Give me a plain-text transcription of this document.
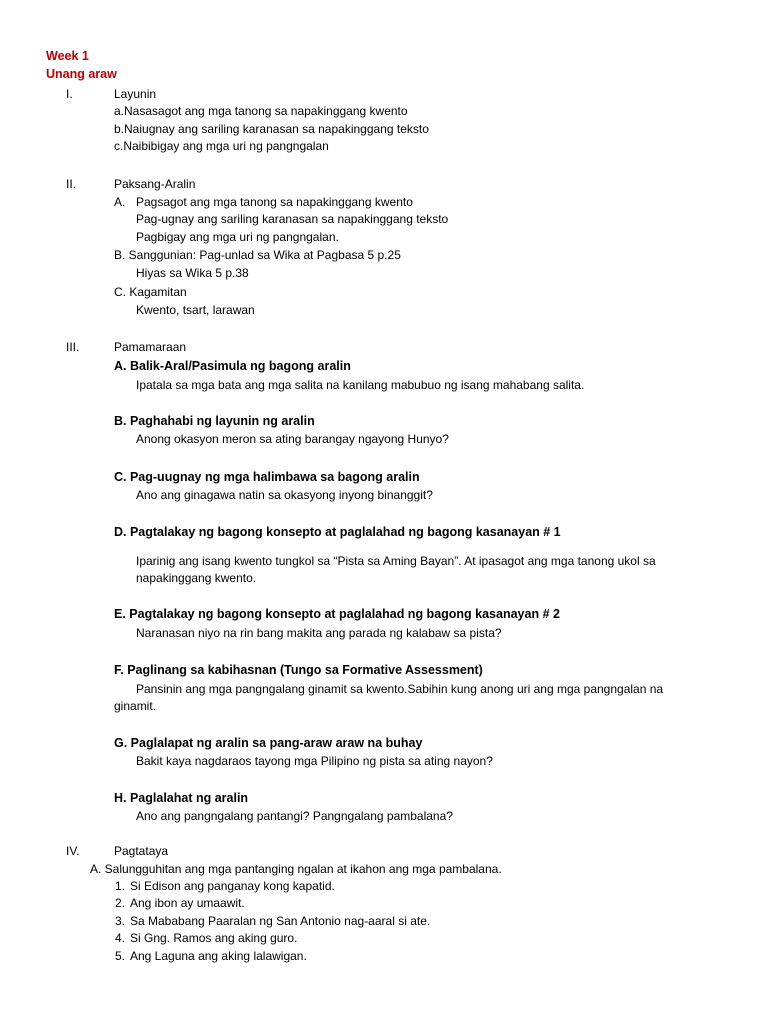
Week 1
Unang araw
I.	Layunin
a.Nasasagot ang mga tanong sa napakinggang kwento
b.Naiugnay ang sariling karanasan sa napakinggang teksto
c.Naibibigay ang mga uri ng pangngalan
II.	Paksang-Aralin
A. Pagsagot ang mga tanong sa napakinggang kwento
Pag-ugnay ang sariling karanasan sa napakinggang teksto
Pagbigay ang mga uri ng pangngalan.
B. Sanggunian: Pag-unlad sa Wika at Pagbasa 5 p.25
Hiyas sa Wika 5 p.38
C. Kagamitan
Kwento, tsart, larawan
III.	Pamamaraan
A. Balik-Aral/Pasimula ng bagong aralin
Ipatala sa mga bata ang mga salita na kanilang mabubuo ng isang mahabang salita.
B. Paghahabi ng layunin ng aralin
Anong okasyon meron sa ating barangay ngayong Hunyo?
C. Pag-uugnay ng mga halimbawa sa bagong aralin
Ano ang ginagawa natin sa okasyong inyong binanggit?
D. Pagtalakay ng bagong konsepto at paglalahad ng bagong kasanayan # 1
Iparinig ang isang kwento tungkol sa “Pista sa Aming Bayan”. At ipasagot ang mga tanong ukol sa napakinggang kwento.
E. Pagtalakay ng bagong konsepto at paglalahad ng bagong kasanayan # 2
Naranasan niyo na rin bang makita ang parada ng kalabaw sa pista?
F. Paglinang sa kabihasnan (Tungo sa Formative Assessment)
Pansinin ang mga pangngalang ginamit sa kwento.Sabihin kung anong uri ang mga pangngalan na
ginamit.
G. Paglalapat ng aralin sa pang-araw araw na buhay
Bakit kaya nagdaraos tayong mga Pilipino ng pista sa ating nayon?
H. Paglalahat ng aralin
Ano ang pangngalang pantangi? Pangngalang pambalana?
IV.	Pagtataya
A. Salungguhitan ang mga pantanging ngalan at ikahon ang mga pambalana.
1. Si Edison ang panganay kong kapatid.
2. Ang ibon ay umaawit.
3. Sa Mababang Paaralan ng San Antonio nag-aaral si ate.
4. Si Gng. Ramos ang aking guro.
5. Ang Laguna ang aking lalawigan.
